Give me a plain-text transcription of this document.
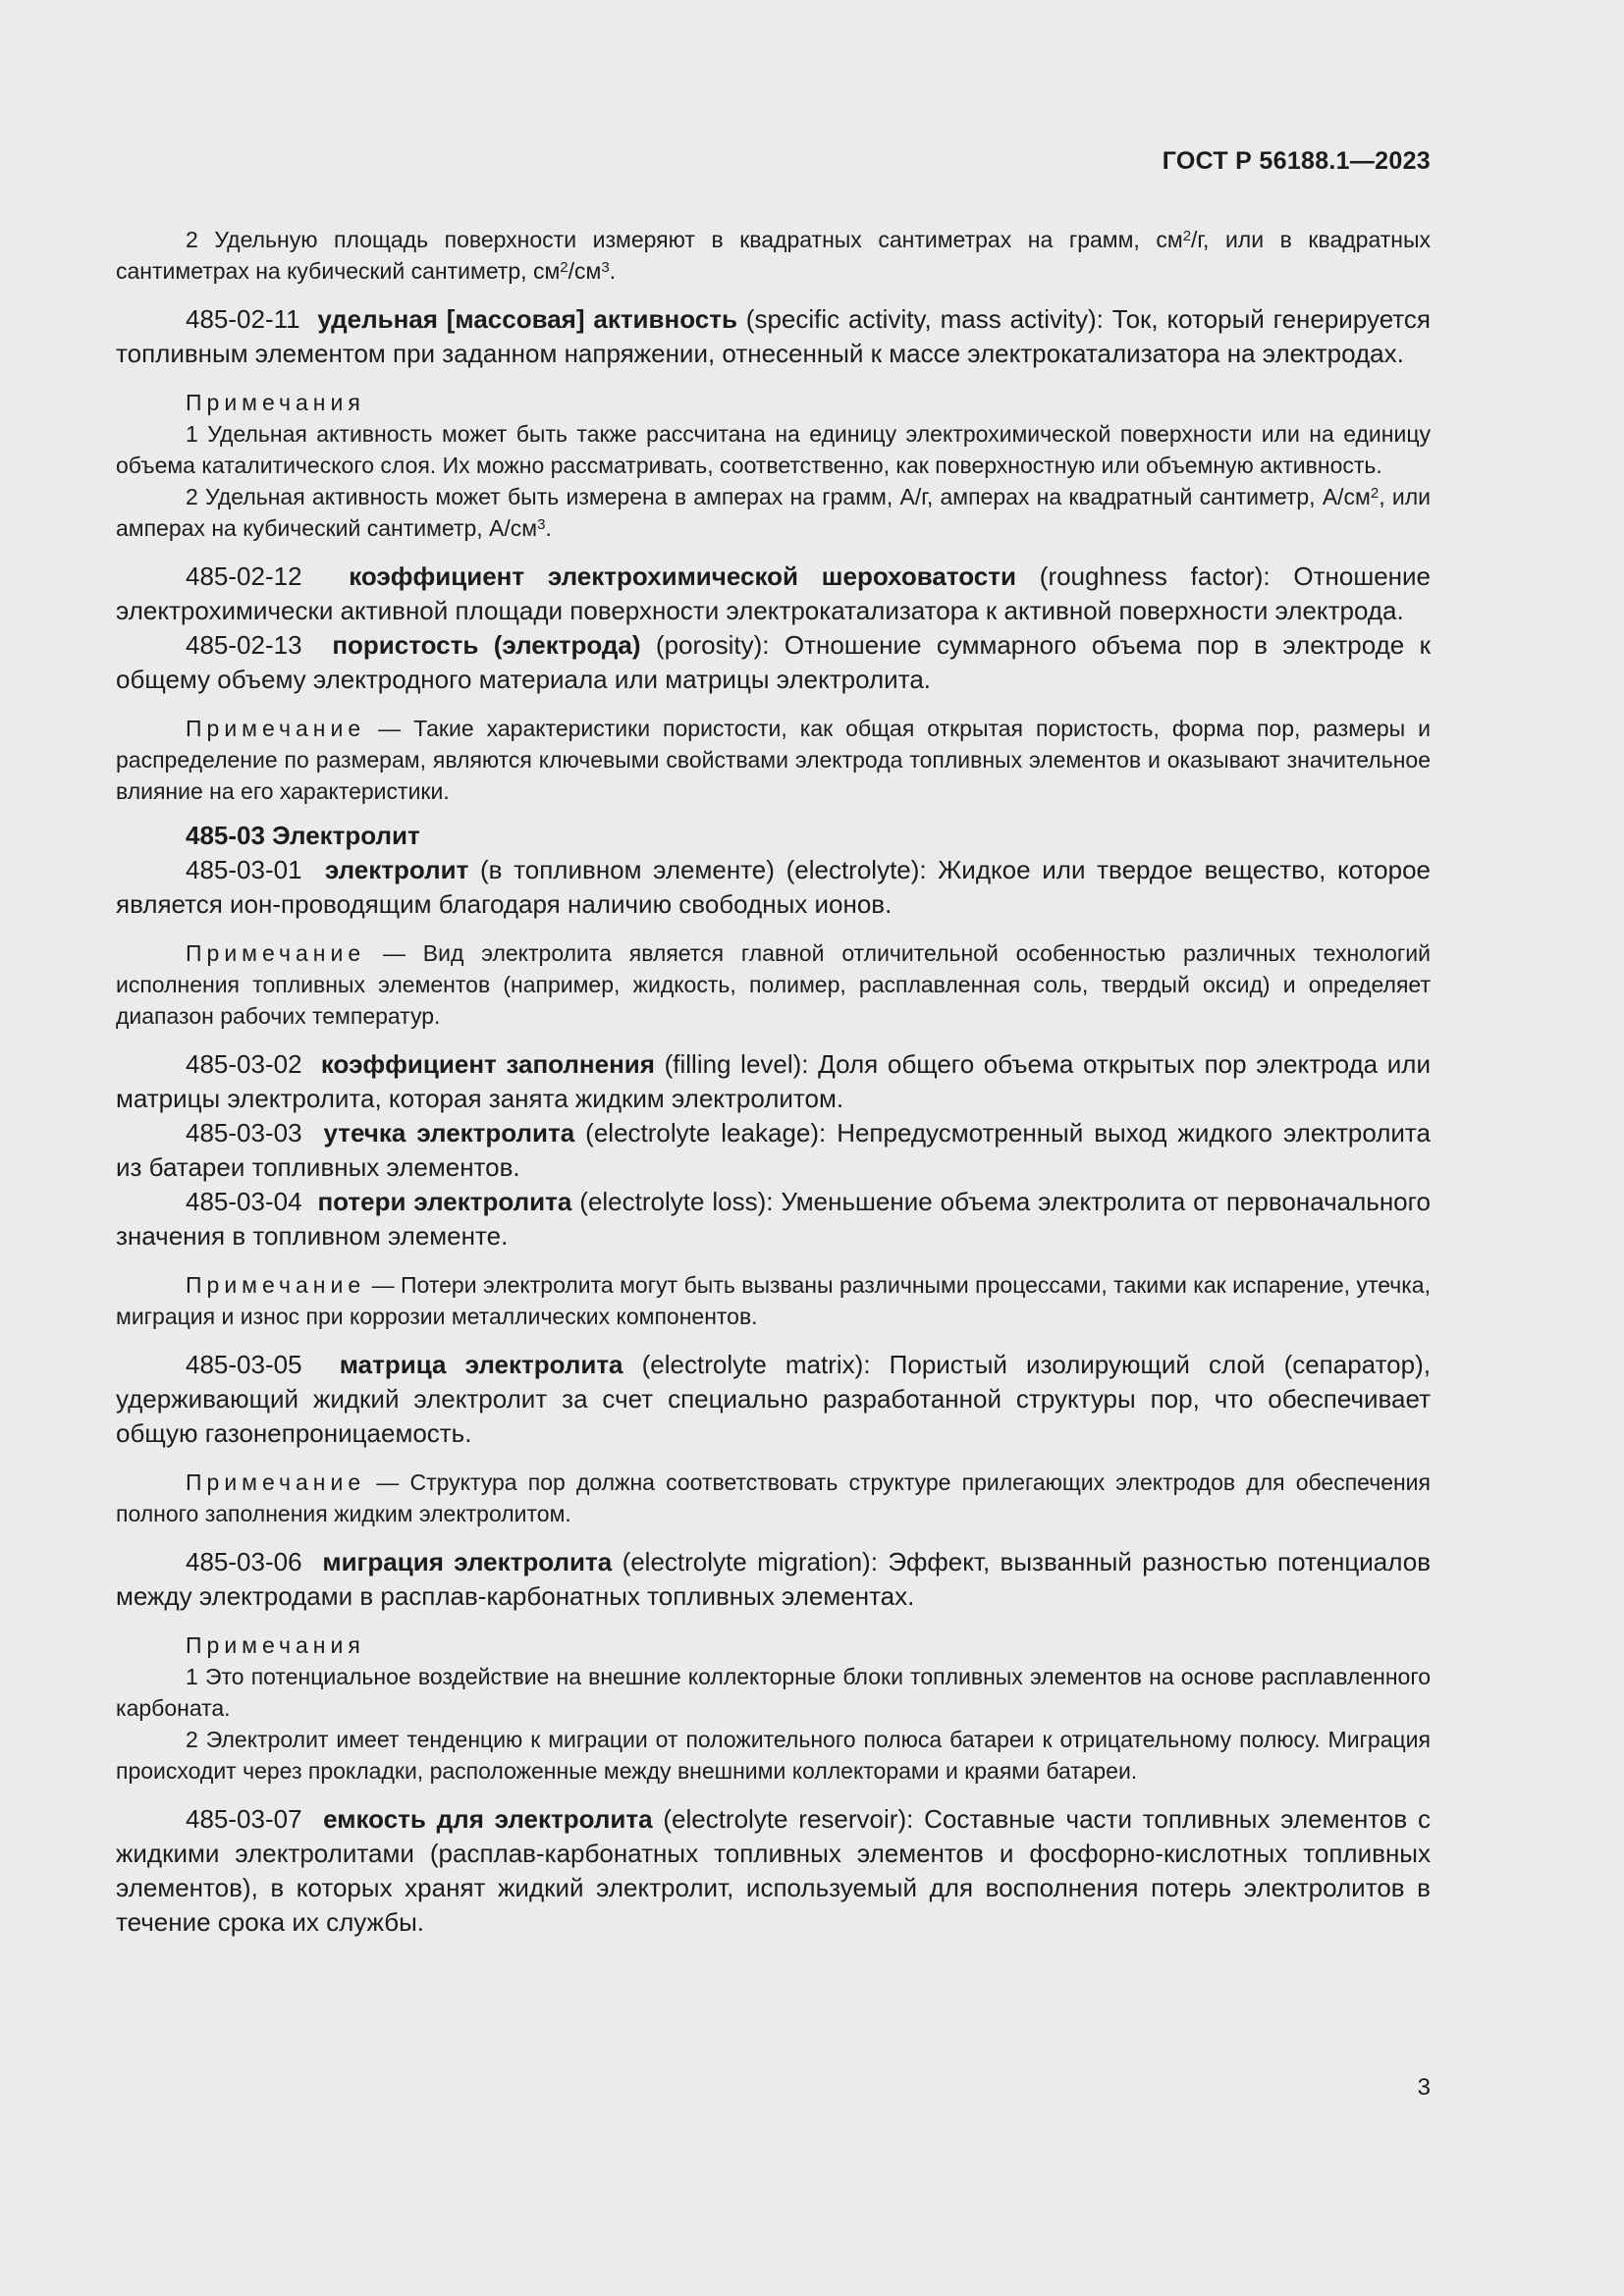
ГОСТ Р 56188.1—2023

2 Удельную площадь поверхности измеряют в квадратных сантиметрах на грамм, $см^2/г$, или в квадратных сантиметрах на кубический сантиметр, $см^2/см^3$.

485-02-11 удельная [массовая] активность (specific activity, mass activity): Ток, который генерируется топливным элементом при заданном напряжении, отнесенный к массе электрокатализатора на электродах.

Примечания

1 Удельная активность может быть также рассчитана на единицу электрохимической поверхности или на единицу объема каталитического слоя. Их можно рассматривать, соответственно, как поверхностную или объемную активность.

2 Удельная активность может быть измерена в амперах на грамм, А/г, амперах на квадратный сантиметр, $А/см^2$, или амперах на кубический сантиметр, $А/см^3$.

485-02-12 коэффициент электрохимической шероховатости (roughness factor): Отношение электрохимически активной площади поверхности электрокатализатора к активной поверхности электрода.

485-02-13 пористость (электрода) (porosity): Отношение суммарного объема пор в электроде к общему объему электродного материала или матрицы электролита.

Примечание — Такие характеристики пористости, как общая открытая пористость, форма пор, размеры и распределение по размерам, являются ключевыми свойствами электрода топливных элементов и оказывают значительное влияние на его характеристики.

485-03 Электролит

485-03-01 электролит (в топливном элементе) (electrolyte): Жидкое или твердое вещество, которое является ион-проводящим благодаря наличию свободных ионов.

Примечание — Вид электролита является главной отличительной особенностью различных технологий исполнения топливных элементов (например, жидкость, полимер, расплавленная соль, твердый оксид) и определяет диапазон рабочих температур.

485-03-02 коэффициент заполнения (filling level): Доля общего объема открытых пор электрода или матрицы электролита, которая занята жидким электролитом.

485-03-03 утечка электролита (electrolyte leakage): Непредусмотренный выход жидкого электролита из батареи топливных элементов.

485-03-04 потери электролита (electrolyte loss): Уменьшение объема электролита от первоначального значения в топливном элементе.

Примечание — Потери электролита могут быть вызваны различными процессами, такими как испарение, утечка, миграция и износ при коррозии металлических компонентов.

485-03-05 матрица электролита (electrolyte matrix): Пористый изолирующий слой (сепаратор), удерживающий жидкий электролит за счет специально разработанной структуры пор, что обеспечивает общую газонепроницаемость.

Примечание — Структура пор должна соответствовать структуре прилегающих электродов для обеспечения полного заполнения жидким электролитом.

485-03-06 миграция электролита (electrolyte migration): Эффект, вызванный разностью потенциалов между электродами в расплав-карбонатных топливных элементах.

Примечания

1 Это потенциальное воздействие на внешние коллекторные блоки топливных элементов на основе расплавленного карбоната.

2 Электролит имеет тенденцию к миграции от положительного полюса батареи к отрицательному полюсу. Миграция происходит через прокладки, расположенные между внешними коллекторами и краями батареи.

485-03-07 емкость для электролита (electrolyte reservoir): Составные части топливных элементов с жидкими электролитами (расплав-карбонатных топливных элементов и фосфорно-кислотных топливных элементов), в которых хранят жидкий электролит, используемый для восполнения потерь электролитов в течение срока их службы.

3
